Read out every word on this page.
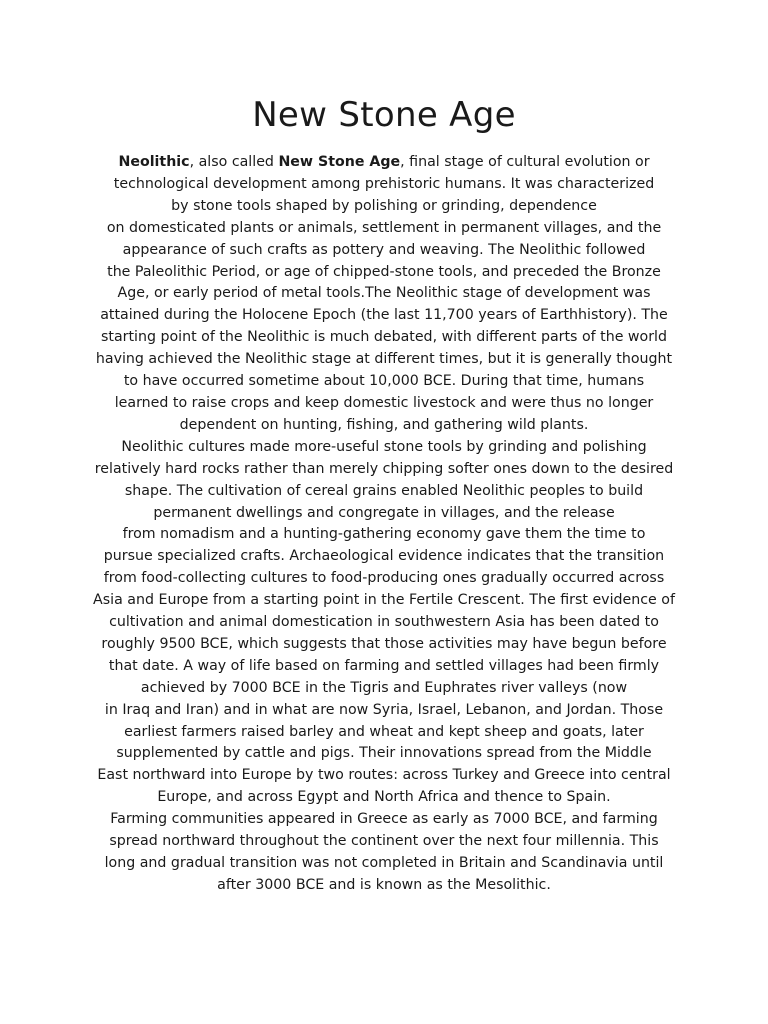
New Stone Age
Neolithic, also called New Stone Age, final stage of cultural evolution or
technological development among prehistoric humans. It was characterized
by stone tools shaped by polishing or grinding, dependence
on domesticated plants or animals, settlement in permanent villages, and the
appearance of such crafts as pottery and weaving. The Neolithic followed
the Paleolithic Period, or age of chipped-stone tools, and preceded the Bronze
Age, or early period of metal tools.The Neolithic stage of development was
attained during the Holocene Epoch (the last 11,700 years of Earthhistory). The
starting point of the Neolithic is much debated, with different parts of the world
having achieved the Neolithic stage at different times, but it is generally thought
to have occurred sometime about 10,000 BCE. During that time, humans
learned to raise crops and keep domestic livestock and were thus no longer
dependent on hunting, fishing, and gathering wild plants.
Neolithic cultures made more-useful stone tools by grinding and polishing
relatively hard rocks rather than merely chipping softer ones down to the desired
shape. The cultivation of cereal grains enabled Neolithic peoples to build
permanent dwellings and congregate in villages, and the release
from nomadism and a hunting-gathering economy gave them the time to
pursue specialized crafts. Archaeological evidence indicates that the transition
from food-collecting cultures to food-producing ones gradually occurred across
Asia and Europe from a starting point in the Fertile Crescent. The first evidence of
cultivation and animal domestication in southwestern Asia has been dated to
roughly 9500 BCE, which suggests that those activities may have begun before
that date. A way of life based on farming and settled villages had been firmly
achieved by 7000 BCE in the Tigris and Euphrates river valleys (now
in Iraq and Iran) and in what are now Syria, Israel, Lebanon, and Jordan. Those
earliest farmers raised barley and wheat and kept sheep and goats, later
supplemented by cattle and pigs. Their innovations spread from the Middle
East northward into Europe by two routes: across Turkey and Greece into central
Europe, and across Egypt and North Africa and thence to Spain.
Farming communities appeared in Greece as early as 7000 BCE, and farming
spread northward throughout the continent over the next four millennia. This
long and gradual transition was not completed in Britain and Scandinavia until
after 3000 BCE and is known as the Mesolithic.
